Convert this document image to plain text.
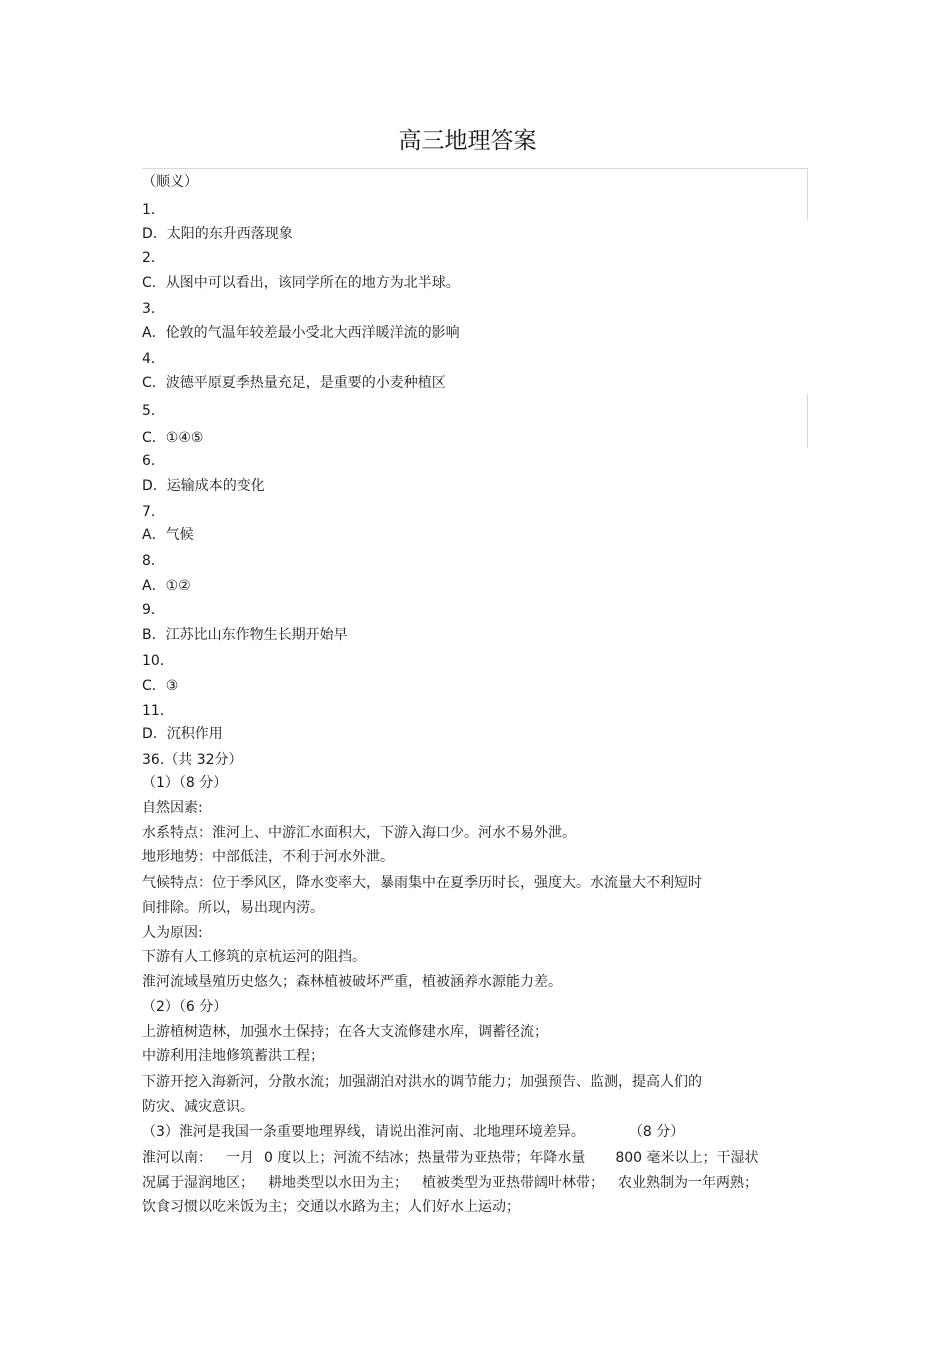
高三地理答案
（顺义）
1．
D．太阳的东升西落现象
2．
C．从图中可以看出，该同学所在的地方为北半球。
3．
A．伦敦的气温年较差最小受北大西洋暖洋流的影响
4．
C．波德平原夏季热量充足，是重要的小麦种植区
5．
C．①④⑤
6．
D．运输成本的变化
7．
A．气候
8．
A．①②
9．
B．江苏比山东作物生长期开始早
10．
C．③
11．
D．沉积作用
36.（共 32分）
（1）（8 分）
自然因素:
水系特点：淮河上、中游汇水面积大，下游入海口少。河水不易外泄。
地形地势：中部低洼，不利于河水外泄。
气候特点：位于季风区，降水变率大，暴雨集中在夏季历时长，强度大。水流量大不利短时
间排除。所以，易出现内涝。
人为原因:
下游有人工修筑的京杭运河的阻挡。
淮河流域垦殖历史悠久；森林植被破坏严重，植被涵养水源能力差。
（2）（6 分）
上游植树造林，加强水土保持；在各大支流修建水库，调蓄径流；
中游利用洼地修筑蓄洪工程；
下游开挖入海新河，分散水流；加强湖泊对洪水的调节能力；加强预告、监测，提高人们的
防灾、减灾意识。
（3）淮河是我国一条重要地理界线，请说出淮河南、北地理环境差异。	（8 分）
淮河以南： 一月 0 度以上；河流不结冰；热量带为亚热带；年降水量 800 毫米以上；干湿状
况属于湿润地区； 耕地类型以水田为主； 植被类型为亚热带阔叶林带； 农业熟制为一年两熟；
饮食习惯以吃米饭为主；交通以水路为主；人们好水上运动；
